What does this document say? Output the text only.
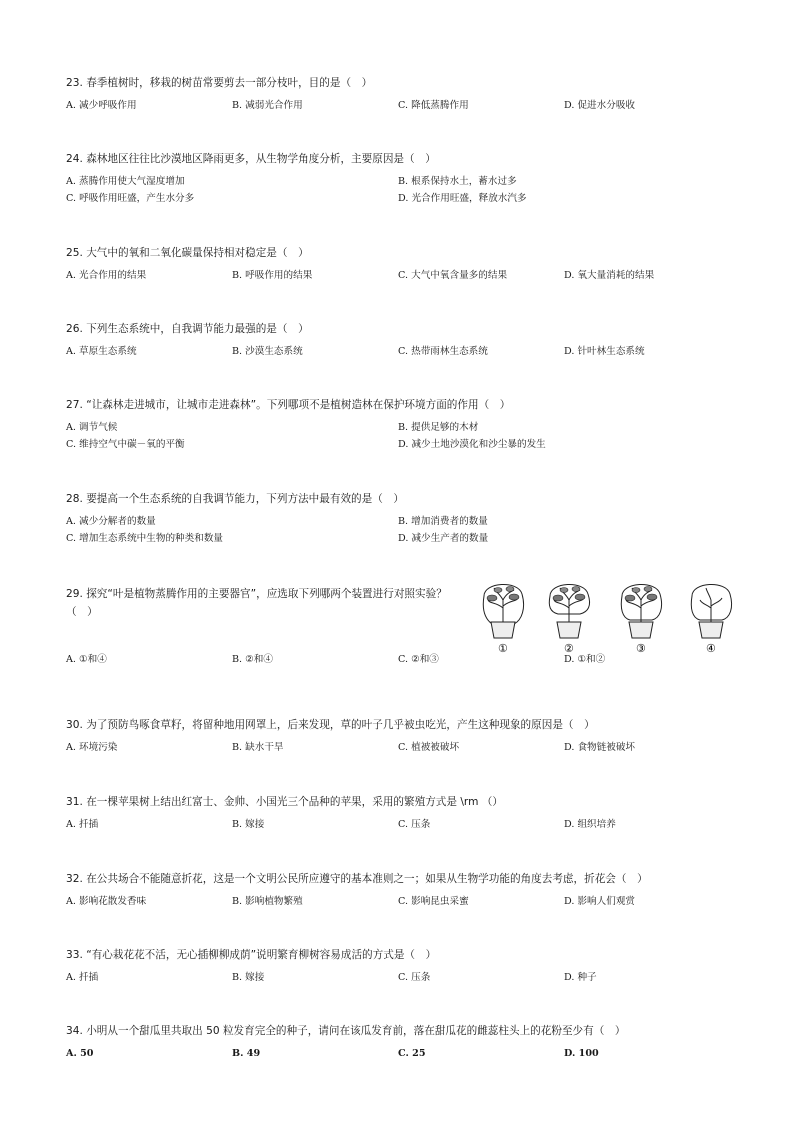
23. 春季植树时，移栽的树苗常要剪去一部分枝叶，目的是（　）
A. 减少呼吸作用	B. 减弱光合作用	C. 降低蒸腾作用	D. 促进水分吸收
24. 森林地区往往比沙漠地区降雨更多，从生物学角度分析，主要原因是（　）
A. 蒸腾作用使大气湿度增加	B. 根系保持水土，蓄水过多
C. 呼吸作用旺盛，产生水分多	D. 光合作用旺盛，释放水汽多
25. 大气中的氧和二氧化碳量保持相对稳定是（　）
A. 光合作用的结果	B. 呼吸作用的结果	C. 大气中氧含量多的结果	D. 氧大量消耗的结果
26. 下列生态系统中，自我调节能力最强的是（　）
A. 草原生态系统	B. 沙漠生态系统	C. 热带雨林生态系统	D. 针叶林生态系统
27. “让森林走进城市，让城市走进森林”。下列哪项不是植树造林在保护环境方面的作用（　）
A. 调节气候	B. 提供足够的木材
C. 维持空气中碳－氧的平衡	D. 减少土地沙漠化和沙尘暴的发生
28. 要提高一个生态系统的自我调节能力，下列方法中最有效的是（　）
A. 减少分解者的数量	B. 增加消费者的数量
C. 增加生态系统中生物的种类和数量	D. 减少生产者的数量
29. 探究“叶是植物蒸腾作用的主要器官”，应选取下列哪两个装置进行对照实验？（　）
A. ①和④	B. ②和④	C. ②和③	D. ①和②
①	②	③	④
30. 为了预防鸟啄食草籽，将留种地用网罩上，后来发现，草的叶子几乎被虫吃光，产生这种现象的原因是（　）
A. 环境污染	B. 缺水干旱	C. 植被被破坏	D. 食物链被破坏
31. 在一棵苹果树上结出红富士、金帅、小国光三个品种的苹果，采用的繁殖方式是 \rm （）
A. 扦插	B. 嫁接	C. 压条	D. 组织培养
32. 在公共场合不能随意折花，这是一个文明公民所应遵守的基本准则之一；如果从生物学功能的角度去考虑，折花会（　）
A. 影响花散发香味	B. 影响植物繁殖	C. 影响昆虫采蜜	D. 影响人们观赏
33. “有心栽花花不活，无心插柳柳成荫”说明繁育柳树容易成活的方式是（　）
A. 扦插	B. 嫁接	C. 压条	D. 种子
34. 小明从一个甜瓜里共取出 50 粒发育完全的种子，请问在该瓜发育前，落在甜瓜花的雌蕊柱头上的花粉至少有（　）
A. 50	B. 49	C. 25	D. 100
